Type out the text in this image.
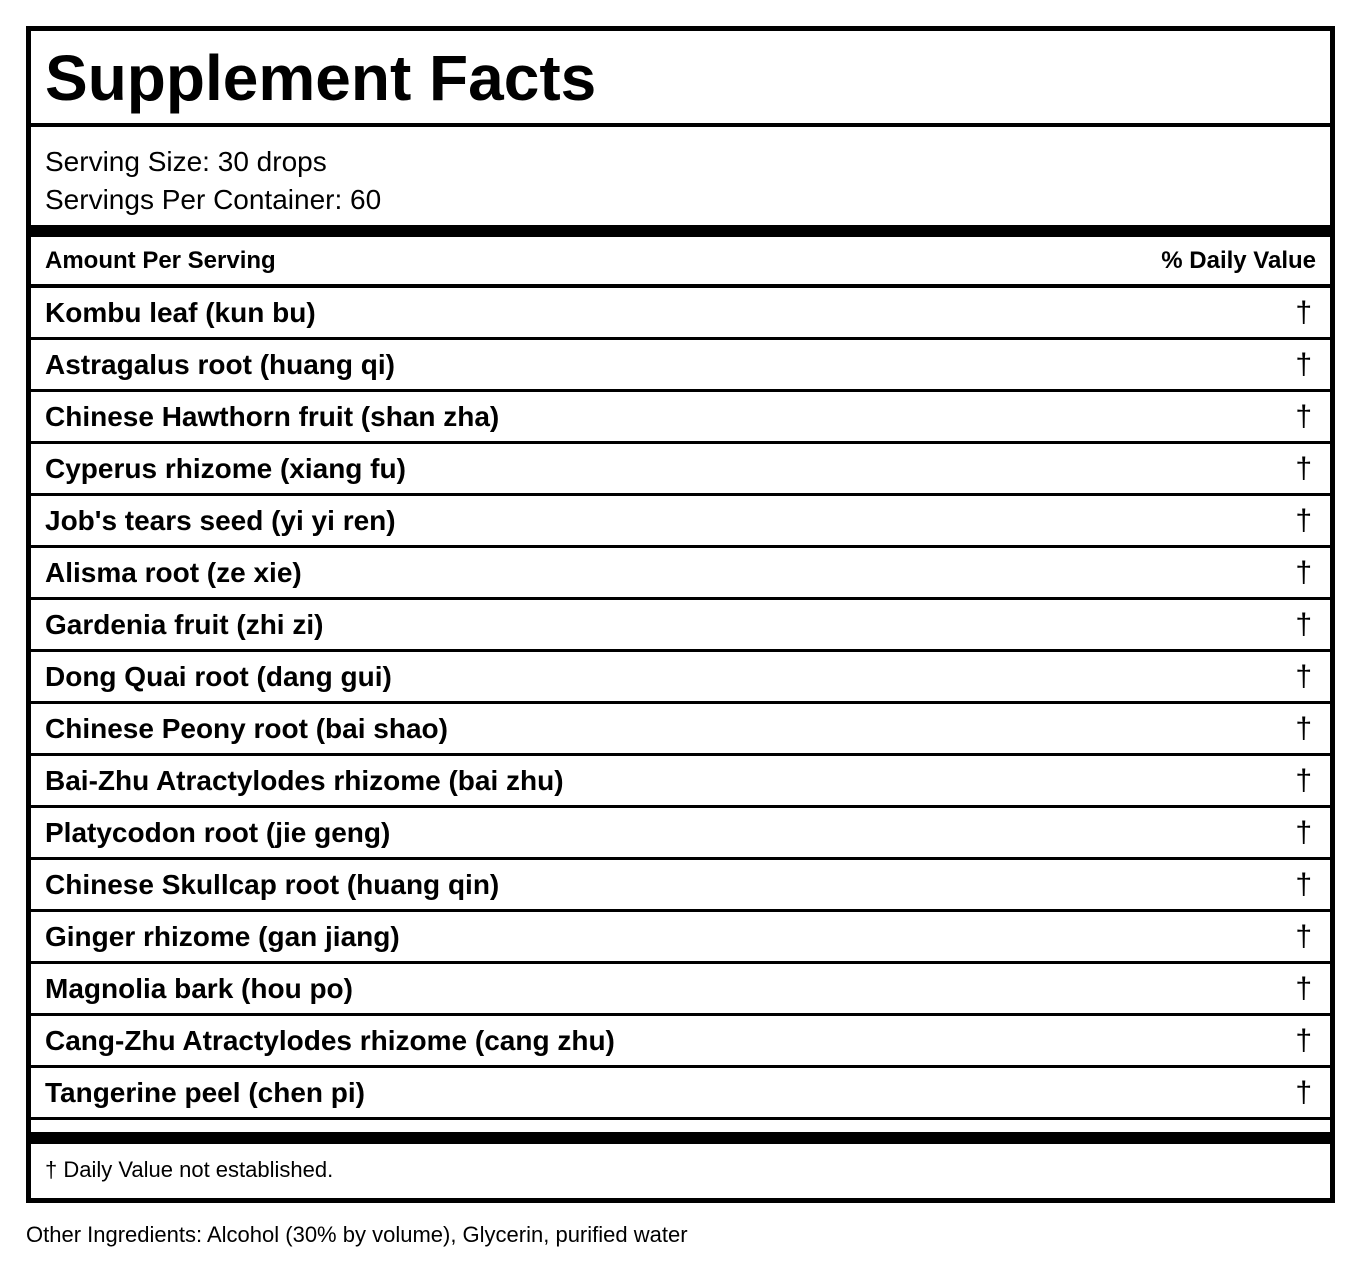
Supplement Facts
Serving Size: 30 drops
Servings Per Container: 60
Amount Per Serving	% Daily Value
Kombu leaf (kun bu)	†
Astragalus root (huang qi)	†
Chinese Hawthorn fruit (shan zha)	†
Cyperus rhizome (xiang fu)	†
Job's tears seed (yi yi ren)	†
Alisma root (ze xie)	†
Gardenia fruit (zhi zi)	†
Dong Quai root (dang gui)	†
Chinese Peony root (bai shao)	†
Bai-Zhu Atractylodes rhizome (bai zhu)	†
Platycodon root (jie geng)	†
Chinese Skullcap root (huang qin)	†
Ginger rhizome (gan jiang)	†
Magnolia bark (hou po)	†
Cang-Zhu Atractylodes rhizome (cang zhu)	†
Tangerine peel (chen pi)	†
† Daily Value not established.
Other Ingredients: Alcohol (30% by volume), Glycerin, purified water
